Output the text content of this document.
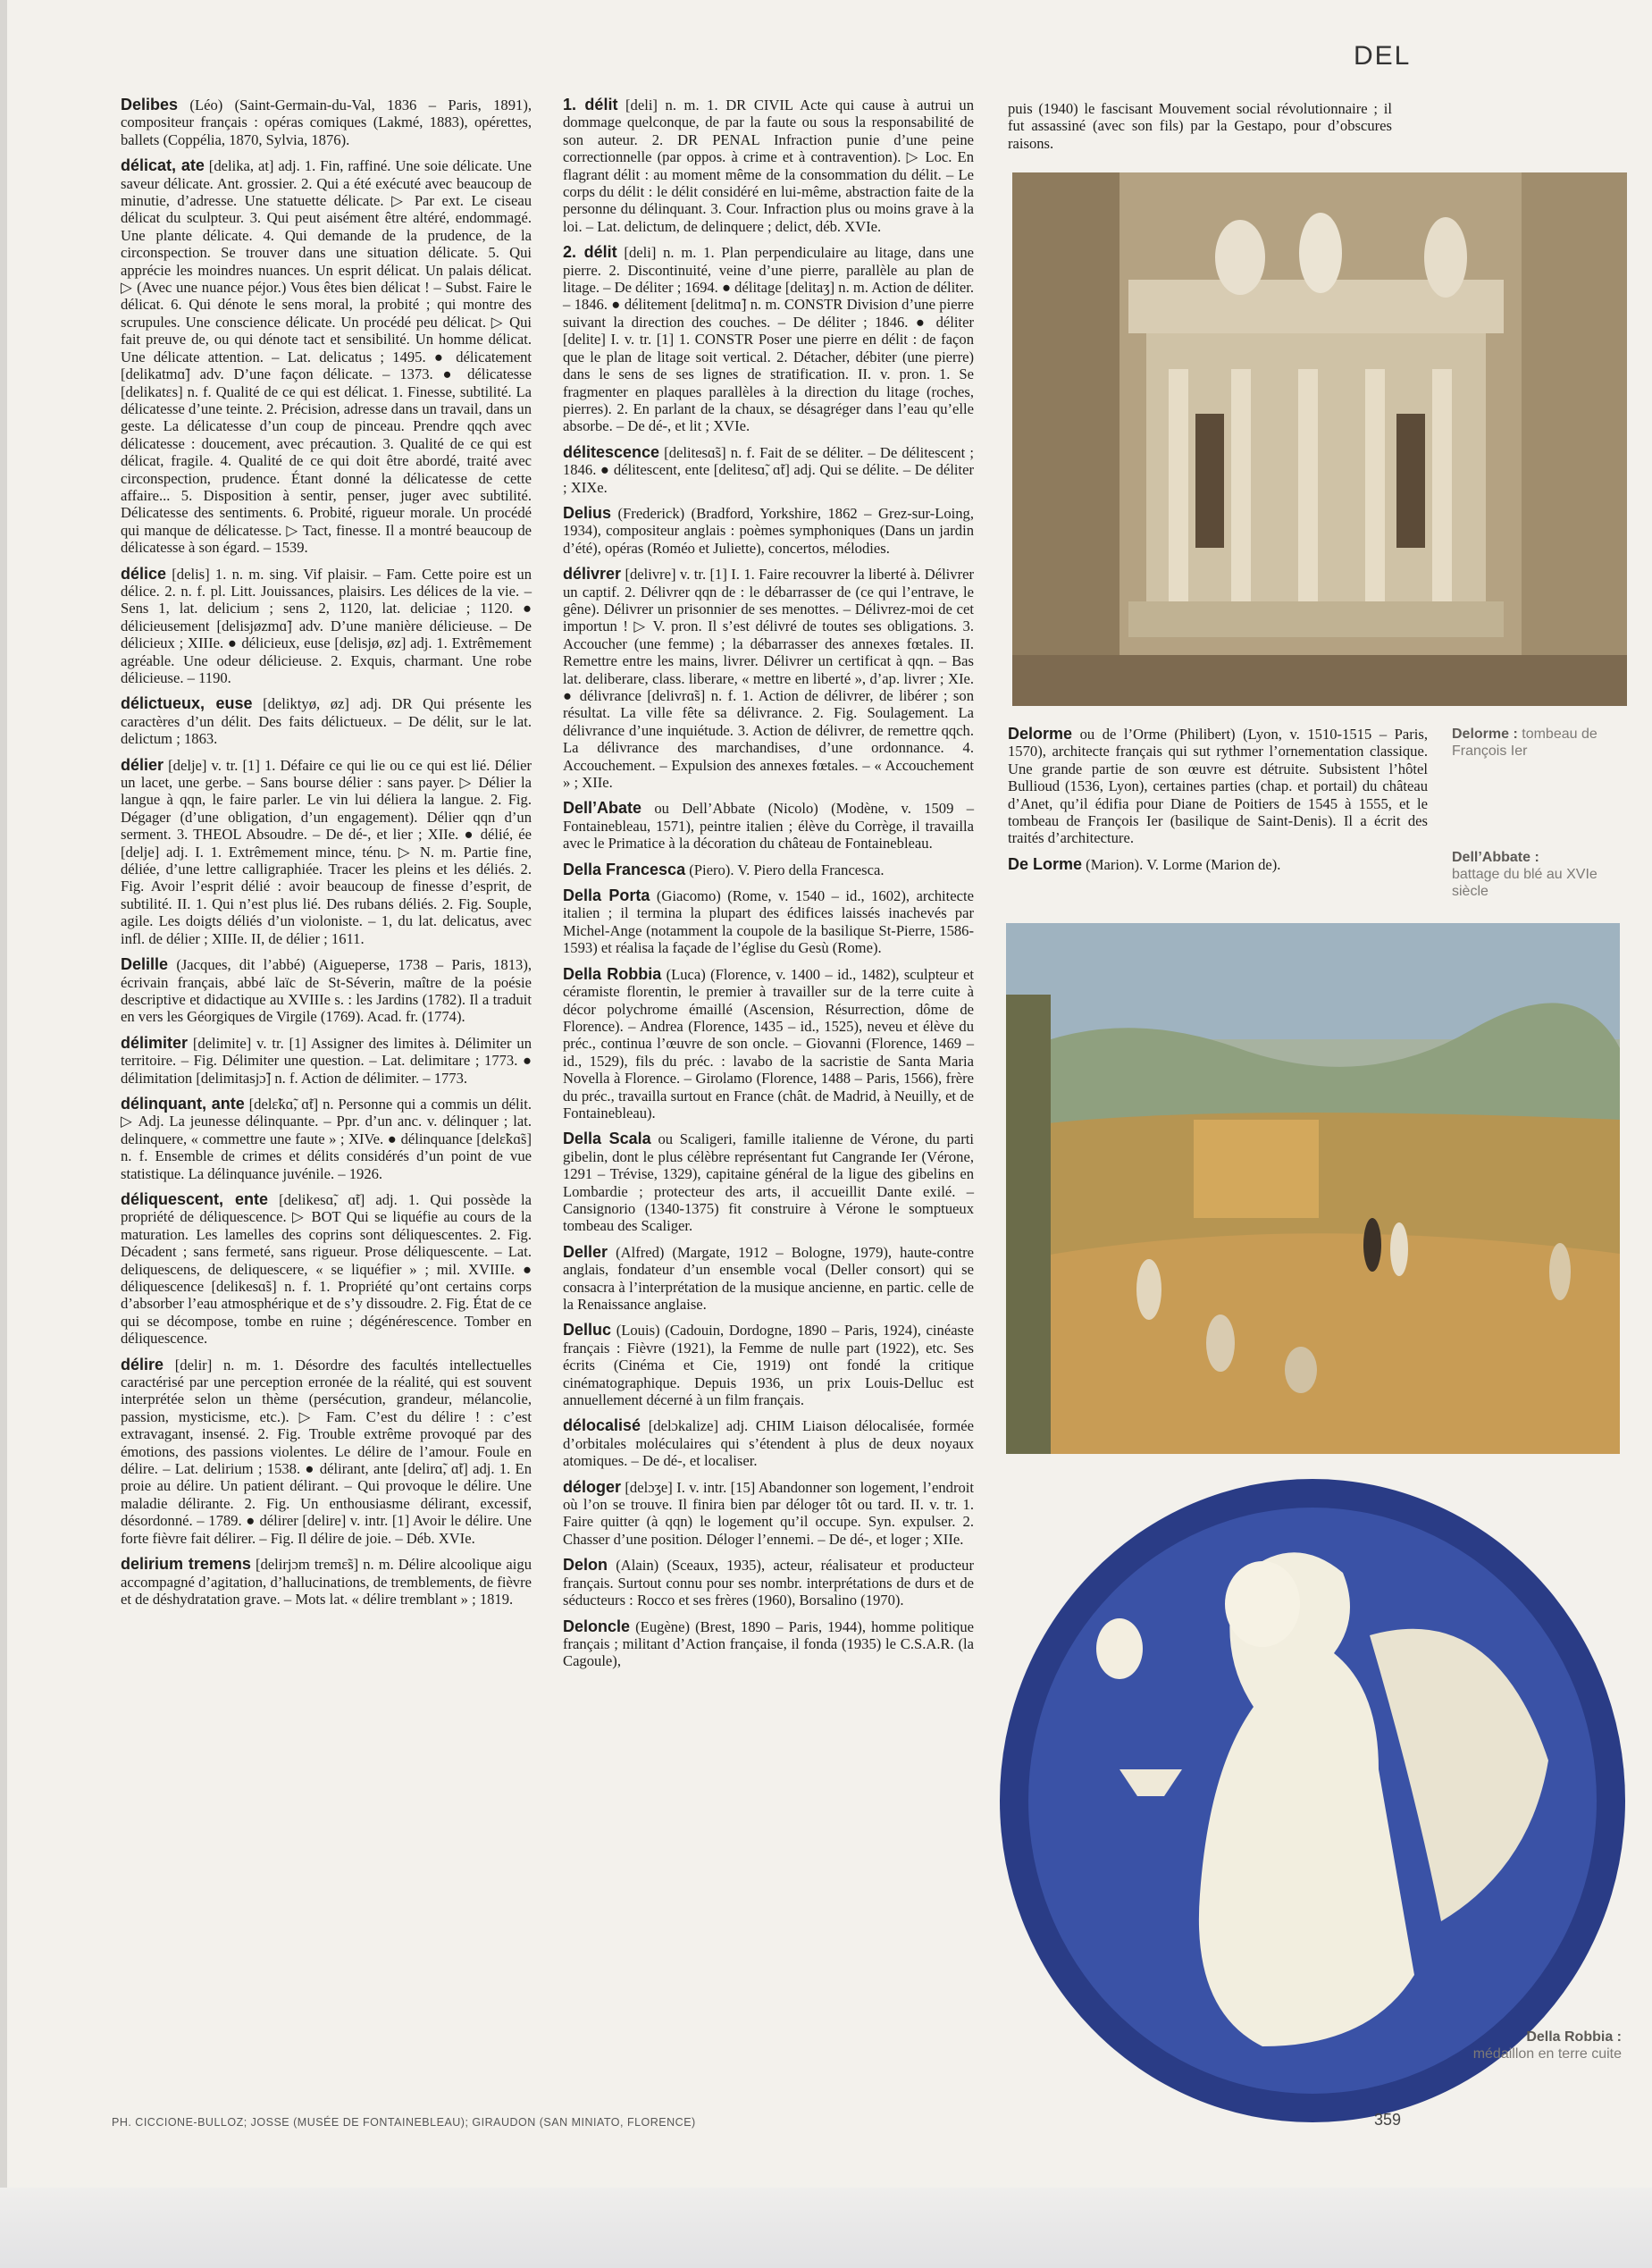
DEL

Delibes (Léo) (Saint-Germain-du-Val, 1836 – Paris, 1891), compositeur français : opéras comiques (Lakmé, 1883), opérettes, ballets (Coppélia, 1870, Sylvia, 1876).

délicat, ate [delika, at] adj. 1. Fin, raffiné. Une soie délicate. Une saveur délicate. Ant. grossier. 2. Qui a été exécuté avec beaucoup de minutie, d’adresse. Une statuette délicate. ▷ Par ext. Le ciseau délicat du sculpteur. 3. Qui peut aisément être altéré, endommagé. Une plante délicate. 4. Qui demande de la prudence, de la circonspection. Se trouver dans une situation délicate. 5. Qui apprécie les moindres nuances. Un esprit délicat. Un palais délicat. ▷ (Avec une nuance péjor.) Vous êtes bien délicat ! – Subst. Faire le délicat. 6. Qui dénote le sens moral, la probité ; qui montre des scrupules. Une conscience délicate. Un procédé peu délicat. ▷ Qui fait preuve de, ou qui dénote tact et sensibilité. Un homme délicat. Une délicate attention. – Lat. delicatus ; 1495. ● délicatement [delikatmɑ̃] adv. D’une façon délicate. – 1373. ● délicatesse [delikatɛs] n. f. Qualité de ce qui est délicat. 1. Finesse, subtilité. La délicatesse d’une teinte. 2. Précision, adresse dans un travail, dans un geste. La délicatesse d’un coup de pinceau. Prendre qqch avec délicatesse : doucement, avec précaution. 3. Qualité de ce qui est délicat, fragile. 4. Qualité de ce qui doit être abordé, traité avec circonspection, prudence. Étant donné la délicatesse de cette affaire... 5. Disposition à sentir, penser, juger avec subtilité. Délicatesse des sentiments. 6. Probité, rigueur morale. Un procédé qui manque de délicatesse. ▷ Tact, finesse. Il a montré beaucoup de délicatesse à son égard. – 1539.

délice [delis] 1. n. m. sing. Vif plaisir. – Fam. Cette poire est un délice. 2. n. f. pl. Litt. Jouissances, plaisirs. Les délices de la vie. – Sens 1, lat. delicium ; sens 2, 1120, lat. deliciae ; 1120. ● délicieusement [delisjøzmɑ̃] adv. D’une manière délicieuse. – De délicieux ; XIIIe. ● délicieux, euse [delisjø, øz] adj. 1. Extrêmement agréable. Une odeur délicieuse. 2. Exquis, charmant. Une robe délicieuse. – 1190.

délictueux, euse [deliktyø, øz] adj. DR Qui présente les caractères d’un délit. Des faits délictueux. – De délit, sur le lat. delictum ; 1863.

délier [delje] v. tr. [1] 1. Défaire ce qui lie ou ce qui est lié. Délier un lacet, une gerbe. – Sans bourse délier : sans payer. ▷ Délier la langue à qqn, le faire parler. Le vin lui déliera la langue. 2. Fig. Dégager (d’une obligation, d’un engagement). Délier qqn d’un serment. 3. THEOL Absoudre. – De dé-, et lier ; XIIe. ● délié, ée [delje] adj. I. 1. Extrêmement mince, ténu. ▷ N. m. Partie fine, déliée, d’une lettre calligraphiée. Tracer les pleins et les déliés. 2. Fig. Avoir l’esprit délié : avoir beaucoup de finesse d’esprit, de subtilité. II. 1. Qui n’est plus lié. Des rubans déliés. 2. Fig. Souple, agile. Les doigts déliés d’un violoniste. – 1, du lat. delicatus, avec infl. de délier ; XIIIe. II, de délier ; 1611.

Delille (Jacques, dit l’abbé) (Aigueperse, 1738 – Paris, 1813), écrivain français, abbé laïc de St-Séverin, maître de la poésie descriptive et didactique au XVIIIe s. : les Jardins (1782). Il a traduit en vers les Géorgiques de Virgile (1769). Acad. fr. (1774).

délimiter [delimite] v. tr. [1] Assigner des limites à. Délimiter un territoire. – Fig. Délimiter une question. – Lat. delimitare ; 1773. ● délimitation [delimitasjɔ̃] n. f. Action de délimiter. – 1773.

délinquant, ante [delɛ̃kɑ̃, ɑ̃t] n. Personne qui a commis un délit. ▷ Adj. La jeunesse délinquante. – Ppr. d’un anc. v. délinquer ; lat. delinquere, « commettre une faute » ; XIVe. ● délinquance [delɛ̃kɑ̃s] n. f. Ensemble de crimes et délits considérés d’un point de vue statistique. La délinquance juvénile. – 1926.

déliquescent, ente [delikesɑ̃, ɑ̃t] adj. 1. Qui possède la propriété de déliquescence. ▷ BOT Qui se liquéfie au cours de la maturation. Les lamelles des coprins sont déliquescentes. 2. Fig. Décadent ; sans fermeté, sans rigueur. Prose déliquescente. – Lat. deliquescens, de deliquescere, « se liquéfier » ; mil. XVIIIe. ● déliquescence [delikesɑ̃s] n. f. 1. Propriété qu’ont certains corps d’absorber l’eau atmosphérique et de s’y dissoudre. 2. Fig. État de ce qui se décompose, tombe en ruine ; dégénérescence. Tomber en déliquescence.

délire [delir] n. m. 1. Désordre des facultés intellectuelles caractérisé par une perception erronée de la réalité, qui est souvent interprétée selon un thème (persécution, grandeur, mélancolie, passion, mysticisme, etc.). ▷ Fam. C’est du délire ! : c’est extravagant, insensé. 2. Fig. Trouble extrême provoqué par des émotions, des passions violentes. Le délire de l’amour. Foule en délire. – Lat. delirium ; 1538. ● délirant, ante [delirɑ̃, ɑ̃t] adj. 1. En proie au délire. Un patient délirant. – Qui provoque le délire. Une maladie délirante. 2. Fig. Un enthousiasme délirant, excessif, désordonné. – 1789. ● délirer [delire] v. intr. [1] Avoir le délire. Une forte fièvre fait délirer. – Fig. Il délire de joie. – Déb. XVIe.

delirium tremens [delirjɔm tremɛ̃s] n. m. Délire alcoolique aigu accompagné d’agitation, d’hallucinations, de tremblements, de fièvre et de déshydratation grave. – Mots lat. « délire tremblant » ; 1819.

1. délit [deli] n. m. 1. DR CIVIL Acte qui cause à autrui un dommage quelconque, de par la faute ou sous la responsabilité de son auteur. 2. DR PENAL Infraction punie d’une peine correctionnelle (par oppos. à crime et à contravention). ▷ Loc. En flagrant délit : au moment même de la consommation du délit. – Le corps du délit : le délit considéré en lui-même, abstraction faite de la personne du délinquant. 3. Cour. Infraction plus ou moins grave à la loi. – Lat. delictum, de delinquere ; delict, déb. XVIe.

2. délit [deli] n. m. 1. Plan perpendiculaire au litage, dans une pierre. 2. Discontinuité, veine d’une pierre, parallèle au plan de litage. – De déliter ; 1694. ● délitage [delitaʒ] n. m. Action de déliter. – 1846. ● délitement [delitmɑ̃] n. m. CONSTR Division d’une pierre suivant la direction des couches. – De déliter ; 1846. ● déliter [delite] I. v. tr. [1] 1. CONSTR Poser une pierre en délit : de façon que le plan de litage soit vertical. 2. Détacher, débiter (une pierre) dans le sens de ses lignes de stratification. II. v. pron. 1. Se fragmenter en plaques parallèles à la direction du litage (roches, pierres). 2. En parlant de la chaux, se désagréger dans l’eau qu’elle absorbe. – De dé-, et lit ; XVIe.

délitescence [delitesɑ̃s] n. f. Fait de se déliter. – De délitescent ; 1846. ● délitescent, ente [delitesɑ̃, ɑ̃t] adj. Qui se délite. – De déliter ; XIXe.

Delius (Frederick) (Bradford, Yorkshire, 1862 – Grez-sur-Loing, 1934), compositeur anglais : poèmes symphoniques (Dans un jardin d’été), opéras (Roméo et Juliette), concertos, mélodies.

délivrer [delivre] v. tr. [1] I. 1. Faire recouvrer la liberté à. Délivrer un captif. 2. Délivrer qqn de : le débarrasser de (ce qui l’entrave, le gêne). Délivrer un prisonnier de ses menottes. – Délivrez-moi de cet importun ! ▷ V. pron. Il s’est délivré de toutes ses obligations. 3. Accoucher (une femme) ; la débarrasser des annexes fœtales. II. Remettre entre les mains, livrer. Délivrer un certificat à qqn. – Bas lat. deliberare, class. liberare, « mettre en liberté », d’ap. livrer ; XIe. ● délivrance [delivrɑ̃s] n. f. 1. Action de délivrer, de libérer ; son résultat. La ville fête sa délivrance. 2. Fig. Soulagement. La délivrance d’une inquiétude. 3. Action de délivrer, de remettre qqch. La délivrance des marchandises, d’une ordonnance. 4. Accouchement. – Expulsion des annexes fœtales. – « Accouchement » ; XIIe.

Dell’Abate ou Dell’Abbate (Nicolo) (Modène, v. 1509 – Fontainebleau, 1571), peintre italien ; élève du Corrège, il travailla avec le Primatice à la décoration du château de Fontainebleau.

Della Francesca (Piero). V. Piero della Francesca.

Della Porta (Giacomo) (Rome, v. 1540 – id., 1602), architecte italien ; il termina la plupart des édifices laissés inachevés par Michel-Ange (notamment la coupole de la basilique St-Pierre, 1586-1593) et réalisa la façade de l’église du Gesù (Rome).

Della Robbia (Luca) (Florence, v. 1400 – id., 1482), sculpteur et céramiste florentin, le premier à travailler sur de la terre cuite à décor polychrome émaillé (Ascension, Résurrection, dôme de Florence). – Andrea (Florence, 1435 – id., 1525), neveu et élève du préc., continua l’œuvre de son oncle. – Giovanni (Florence, 1469 – id., 1529), fils du préc. : lavabo de la sacristie de Santa Maria Novella à Florence. – Girolamo (Florence, 1488 – Paris, 1566), frère du préc., travailla surtout en France (chât. de Madrid, à Neuilly, et de Fontainebleau).

Della Scala ou Scaligeri, famille italienne de Vérone, du parti gibelin, dont le plus célèbre représentant fut Cangrande Ier (Vérone, 1291 – Trévise, 1329), capitaine général de la ligue des gibelins en Lombardie ; protecteur des arts, il accueillit Dante exilé. – Cansignorio (1340-1375) fit construire à Vérone le somptueux tombeau des Scaliger.

Deller (Alfred) (Margate, 1912 – Bologne, 1979), haute-contre anglais, fondateur d’un ensemble vocal (Deller consort) qui se consacra à l’interprétation de la musique ancienne, en partic. celle de la Renaissance anglaise.

Delluc (Louis) (Cadouin, Dordogne, 1890 – Paris, 1924), cinéaste français : Fièvre (1921), la Femme de nulle part (1922), etc. Ses écrits (Cinéma et Cie, 1919) ont fondé la critique cinématographique. Depuis 1936, un prix Louis-Delluc est annuellement décerné à un film français.

délocalisé [delɔkalize] adj. CHIM Liaison délocalisée, formée d’orbitales moléculaires qui s’étendent à plus de deux noyaux atomiques. – De dé-, et localiser.

déloger [delɔʒe] I. v. intr. [15] Abandonner son logement, l’endroit où l’on se trouve. Il finira bien par déloger tôt ou tard. II. v. tr. 1. Faire quitter (à qqn) le logement qu’il occupe. Syn. expulser. 2. Chasser d’une position. Déloger l’ennemi. – De dé-, et loger ; XIIe.

Delon (Alain) (Sceaux, 1935), acteur, réalisateur et producteur français. Surtout connu pour ses nombr. interprétations de durs et de séducteurs : Rocco et ses frères (1960), Borsalino (1970).

Deloncle (Eugène) (Brest, 1890 – Paris, 1944), homme politique français ; militant d’Action française, il fonda (1935) le C.S.A.R. (la Cagoule),

puis (1940) le fascisant Mouvement social révolutionnaire ; il fut assassiné (avec son fils) par la Gestapo, pour d’obscures raisons.

Delorme : tombeau de François Ier

Delorme ou de l’Orme (Philibert) (Lyon, v. 1510-1515 – Paris, 1570), architecte français qui sut rythmer l’ornementation classique. Une grande partie de son œuvre est détruite. Subsistent l’hôtel Bullioud (1536, Lyon), certaines parties (chap. et portail) du château d’Anet, qu’il édifia pour Diane de Poitiers de 1545 à 1555, et le tombeau de François Ier (basilique de Saint-Denis). Il a écrit des traités d’architecture.

De Lorme (Marion). V. Lorme (Marion de).	Dell’Abbate :
battage du blé au XVIe siècle
Della Robbia :
médaillon en terre cuite
PH. CICCIONE-BULLOZ; JOSSE (MUSÉE DE FONTAINEBLEAU); GIRAUDON (SAN MINIATO, FLORENCE)	359
